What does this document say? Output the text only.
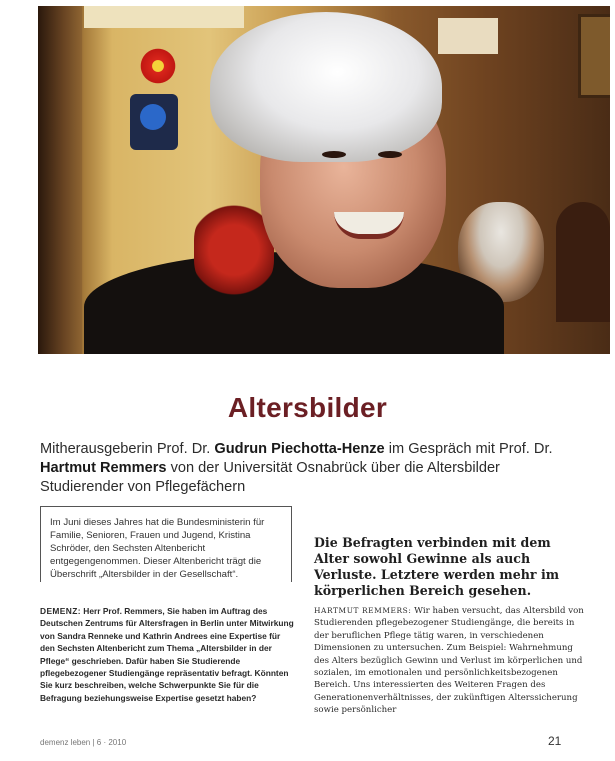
Altersbilder
Mitherausgeberin Prof. Dr. Gudrun Piechotta-Henze im Gespräch mit Prof. Dr. Hartmut Remmers von der Universität Osnabrück über die Altersbilder Studierender von Pflegefächern
Im Juni dieses Jahres hat die Bundesministerin für Familie, Senioren, Frauen und Jugend, Kristina Schröder, den Sechsten Altenbericht entgegengenommen. Dieser Altenbericht trägt die Überschrift „Altersbilder in der Gesellschaft“.
Die Befragten verbinden mit dem Alter sowohl Gewinne als auch Verluste. Letztere werden mehr im körperlichen Bereich gesehen.
DEMENZ: Herr Prof. Remmers, Sie haben im Auftrag des Deutschen Zentrums für Altersfragen in Berlin unter Mitwirkung von Sandra Renneke und Kathrin Andrees eine Expertise für den Sechsten Altenbericht zum Thema „Altersbilder in der Pflege“ geschrieben. Dafür haben Sie Studierende pflegebezogener Studiengänge repräsentativ befragt. Könnten Sie kurz beschreiben, welche Schwerpunkte Sie für die Befragung beziehungsweise Expertise gesetzt haben?
HARTMUT REMMERS: Wir haben versucht, das Altersbild von Studierenden pflegebezogener Studiengänge, die bereits in der beruflichen Pflege tätig waren, in verschiedenen Dimensionen zu untersuchen. Zum Beispiel: Wahrnehmung des Alters bezüglich Gewinn und Verlust im körperlichen und sozialen, im emotionalen und persönlichkeitsbezogenen Bereich. Uns interessierten des Weiteren Fragen des Generationenverhältnisses, der zukünftigen Alterssicherung sowie persönlicher
demenz leben | 6 · 2010	21
